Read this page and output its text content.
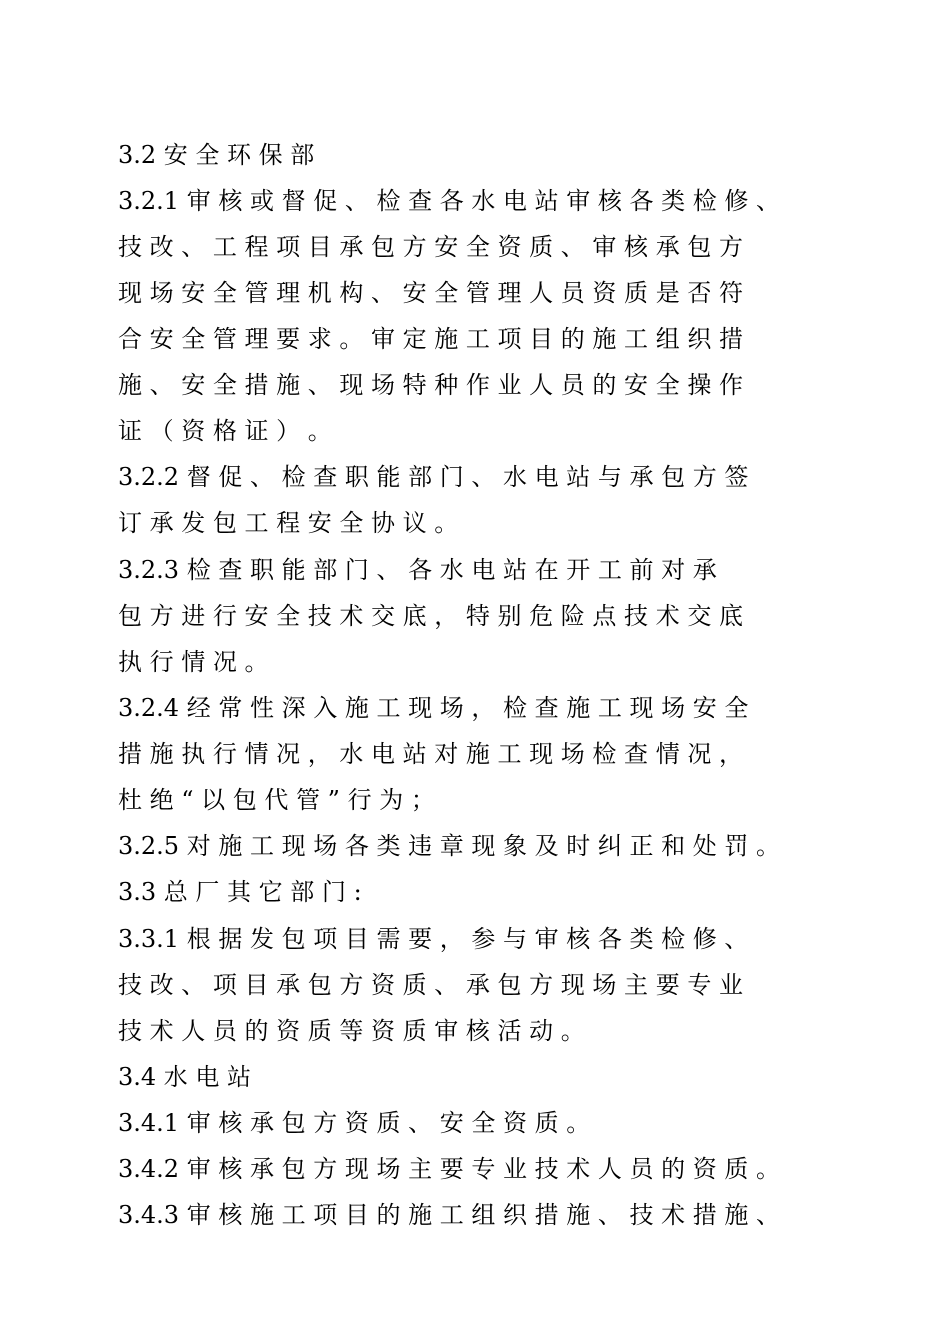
3.2 安 全 环 保 部

3.2.1 审 核 或 督 促 、 检 查 各 水 电 站 审 核 各 类 检 修 、

技 改 、 工 程 项 目 承 包 方 安 全 资 质 、 审 核 承 包 方

现 场 安 全 管 理 机 构 、 安 全 管 理 人 员 资 质 是 否 符

合 安 全 管 理 要 求 。 审 定 施 工 项 目 的 施 工 组 织 措

施 、 安 全 措 施 、 现 场 特 种 作 业 人 员 的 安 全 操 作

证 （ 资 格 证 ） 。

3.2.2 督 促 、 检 查 职 能 部 门 、 水 电 站 与 承 包 方 签

订 承 发 包 工 程 安 全 协 议 。

3.2.3 检 查 职 能 部 门 、 各 水 电 站 在 开 工 前 对 承

包 方 进 行 安 全 技 术 交 底 ， 特 别 危 险 点 技 术 交 底

执 行 情 况 。

3.2.4 经 常 性 深 入 施 工 现 场 ， 检 查 施 工 现 场 安 全

措 施 执 行 情 况 ， 水 电 站 对 施 工 现 场 检 查 情 况 ，

杜 绝 “ 以 包 代 管 ” 行 为 ；

3.2.5 对 施 工 现 场 各 类 违 章 现 象 及 时 纠 正 和 处 罚 。

3.3 总 厂 其 它 部 门 :

3.3.1 根 据 发 包 项 目 需 要 ， 参 与 审 核 各 类 检 修 、

技 改 、 项 目 承 包 方 资 质 、 承 包 方 现 场 主 要 专 业

技 术 人 员 的 资 质 等 资 质 审 核 活 动 。

3.4 水 电 站

3.4.1 审 核 承 包 方 资 质 、 安 全 资 质 。

3.4.2 审 核 承 包 方 现 场 主 要 专 业 技 术 人 员 的 资 质 。

3.4.3 审 核 施 工 项 目 的 施 工 组 织 措 施 、 技 术 措 施 、
